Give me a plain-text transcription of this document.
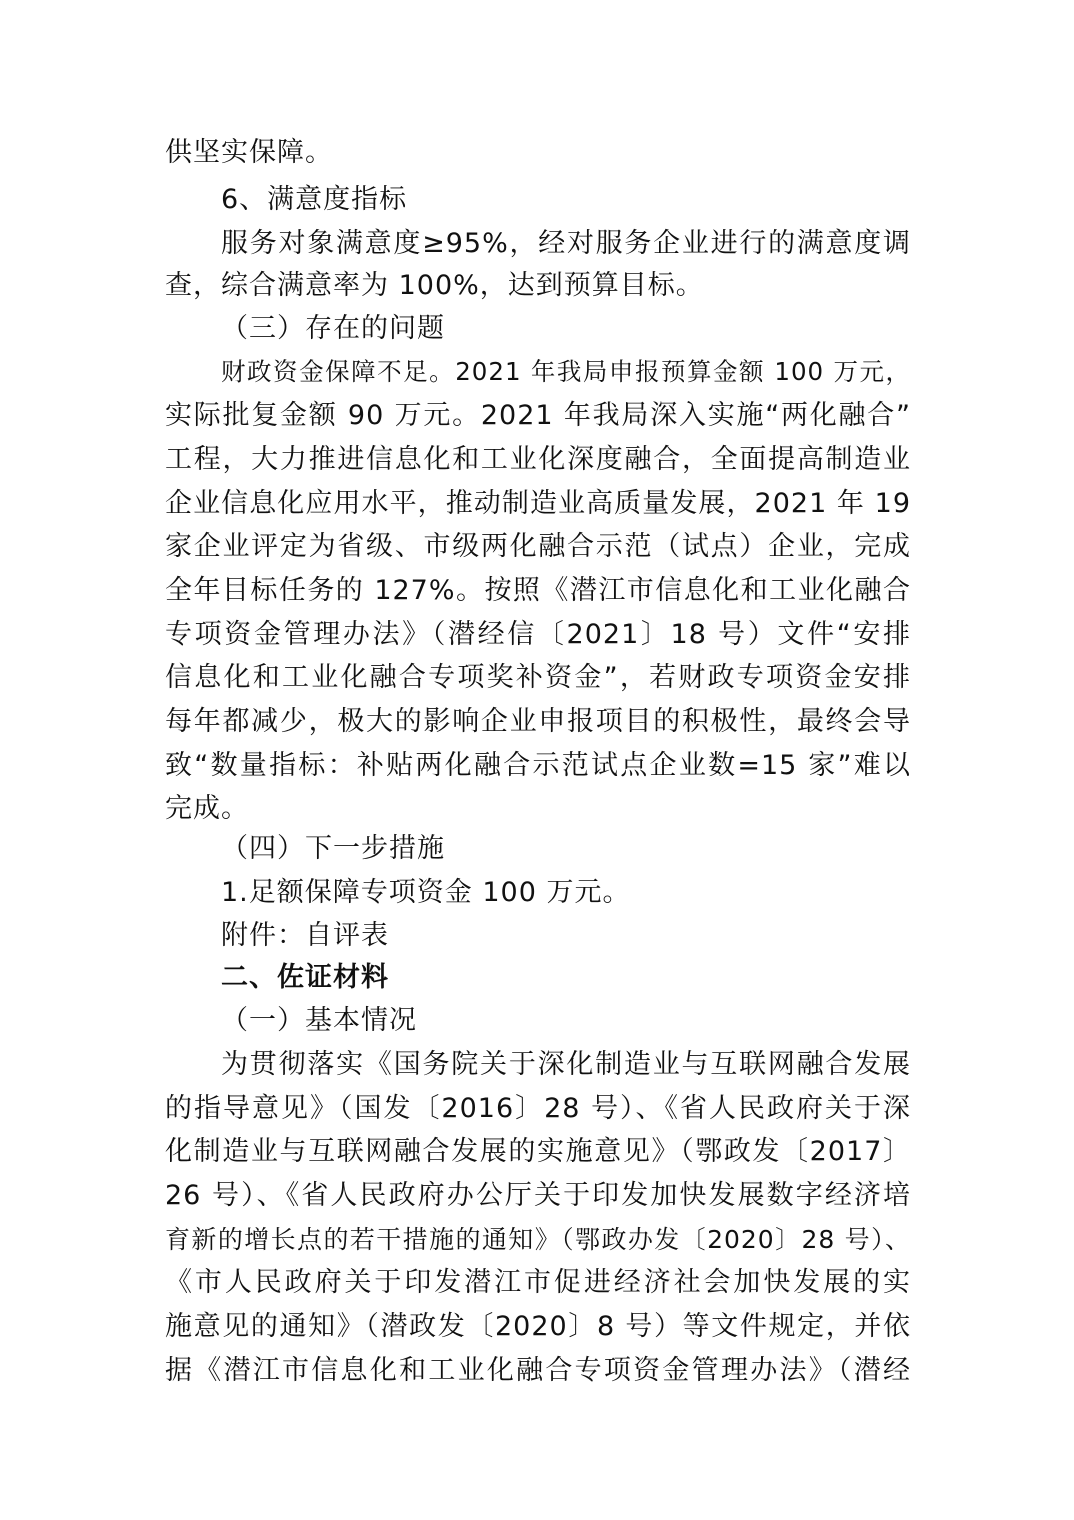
供坚实保障。
6、满意度指标
服务对象满意度≥95%，经对服务企业进行的满意度调
查，综合满意率为 100%，达到预算目标。
（三）存在的问题
财政资金保障不足。2021 年我局申报预算金额 100 万元，
实际批复金额 90 万元。2021 年我局深入实施“两化融合”
工程，大力推进信息化和工业化深度融合，全面提高制造业
企业信息化应用水平，推动制造业高质量发展，2021 年 19
家企业评定为省级、市级两化融合示范（试点）企业，完成
全年目标任务的 127%。按照《潜江市信息化和工业化融合
专项资金管理办法》（潜经信〔2021〕18 号）文件“安排
信息化和工业化融合专项奖补资金”，若财政专项资金安排
每年都减少，极大的影响企业申报项目的积极性，最终会导
致“数量指标：补贴两化融合示范试点企业数=15 家”难以
完成。
（四）下一步措施
1.足额保障专项资金 100 万元。
附件：自评表
二、佐证材料
（一）基本情况
为贯彻落实《国务院关于深化制造业与互联网融合发展
的指导意见》（国发〔2016〕28 号）、《省人民政府关于深
化制造业与互联网融合发展的实施意见》（鄂政发〔2017〕
26 号）、《省人民政府办公厅关于印发加快发展数字经济培
育新的增长点的若干措施的通知》（鄂政办发〔2020〕28 号）、
《市人民政府关于印发潜江市促进经济社会加快发展的实
施意见的通知》（潜政发〔2020〕8 号）等文件规定，并依
据《潜江市信息化和工业化融合专项资金管理办法》（潜经
